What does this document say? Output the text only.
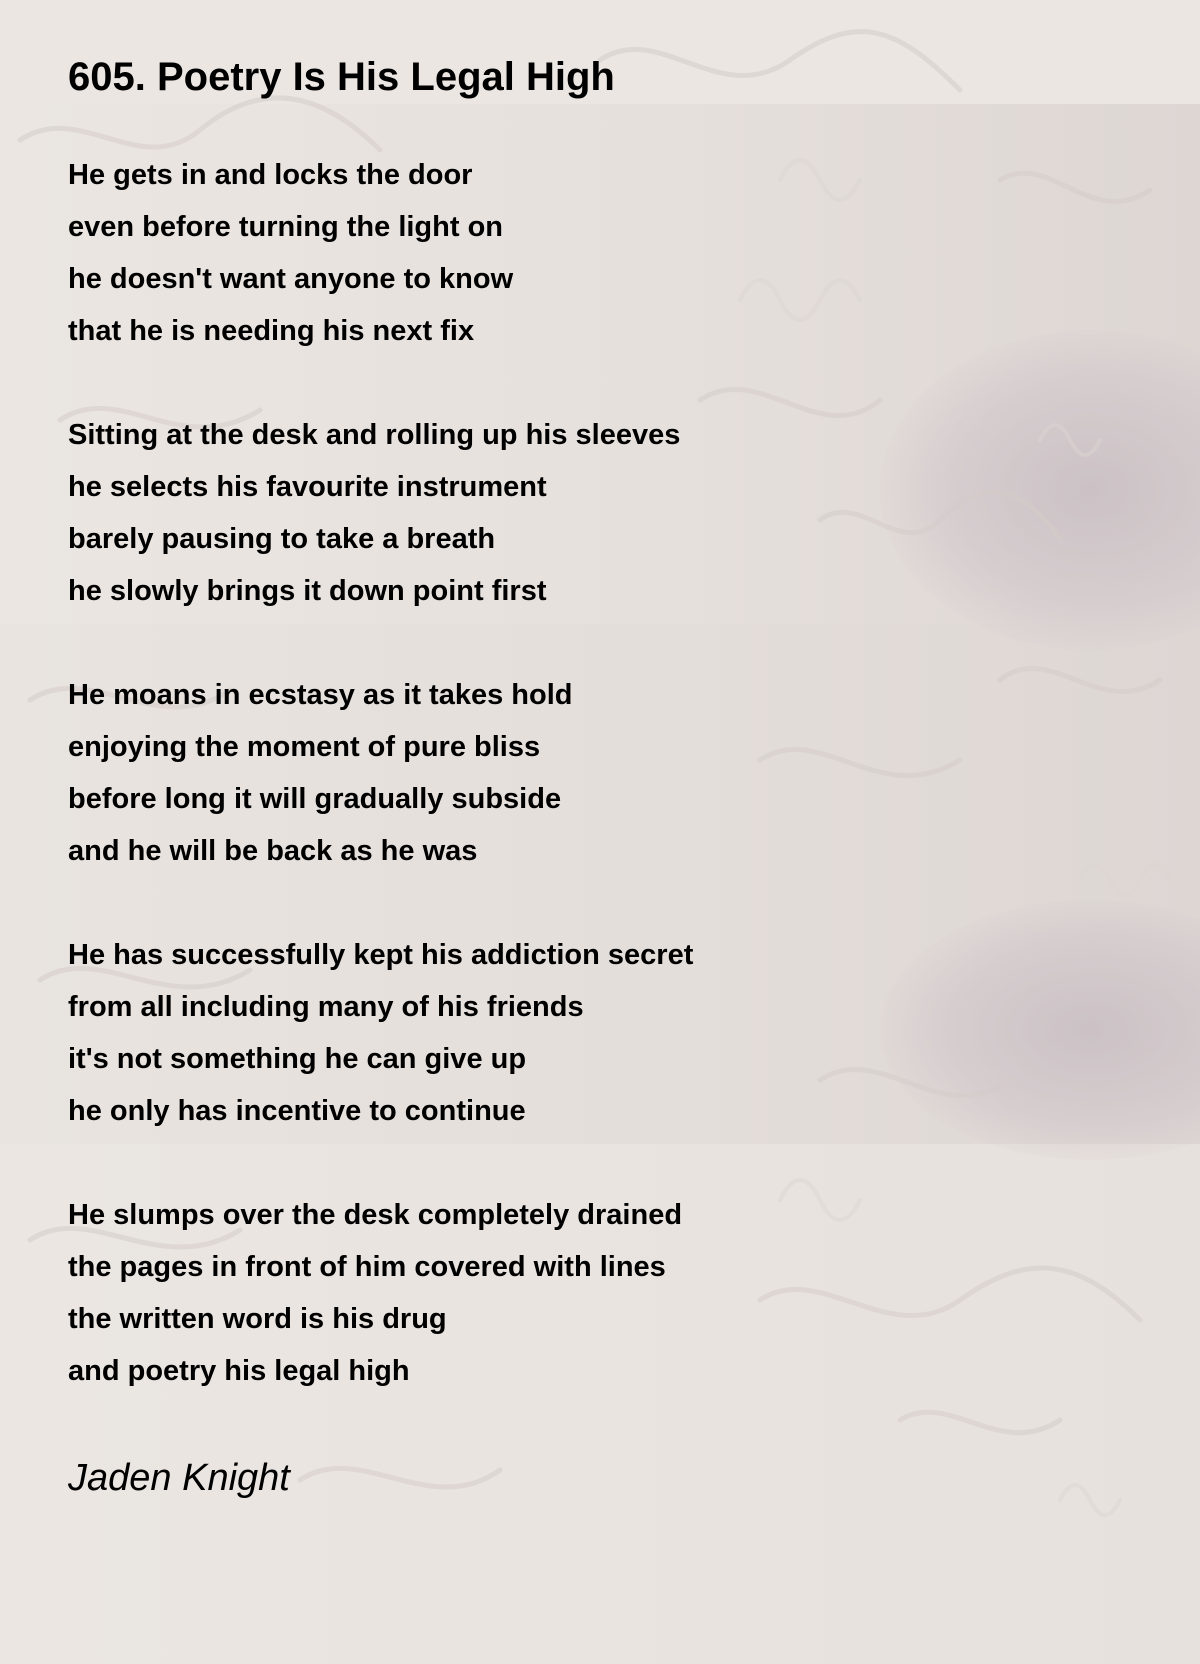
605. Poetry Is His Legal High
He gets in and locks the door
even before turning the light on
he doesn't want anyone to know
that he is needing his next fix
Sitting at the desk and rolling up his sleeves
he selects his favourite instrument
barely pausing to take a breath
he slowly brings it down point first
He moans in ecstasy as it takes hold
enjoying the moment of pure bliss
before long it will gradually subside
and he will be back as he was
He has successfully kept his addiction secret
from all including many of his friends
it's not something he can give up
he only has incentive to continue
He slumps over the desk completely drained
the pages in front of him covered with lines
the written word is his drug
and poetry his legal high

Jaden Knight
